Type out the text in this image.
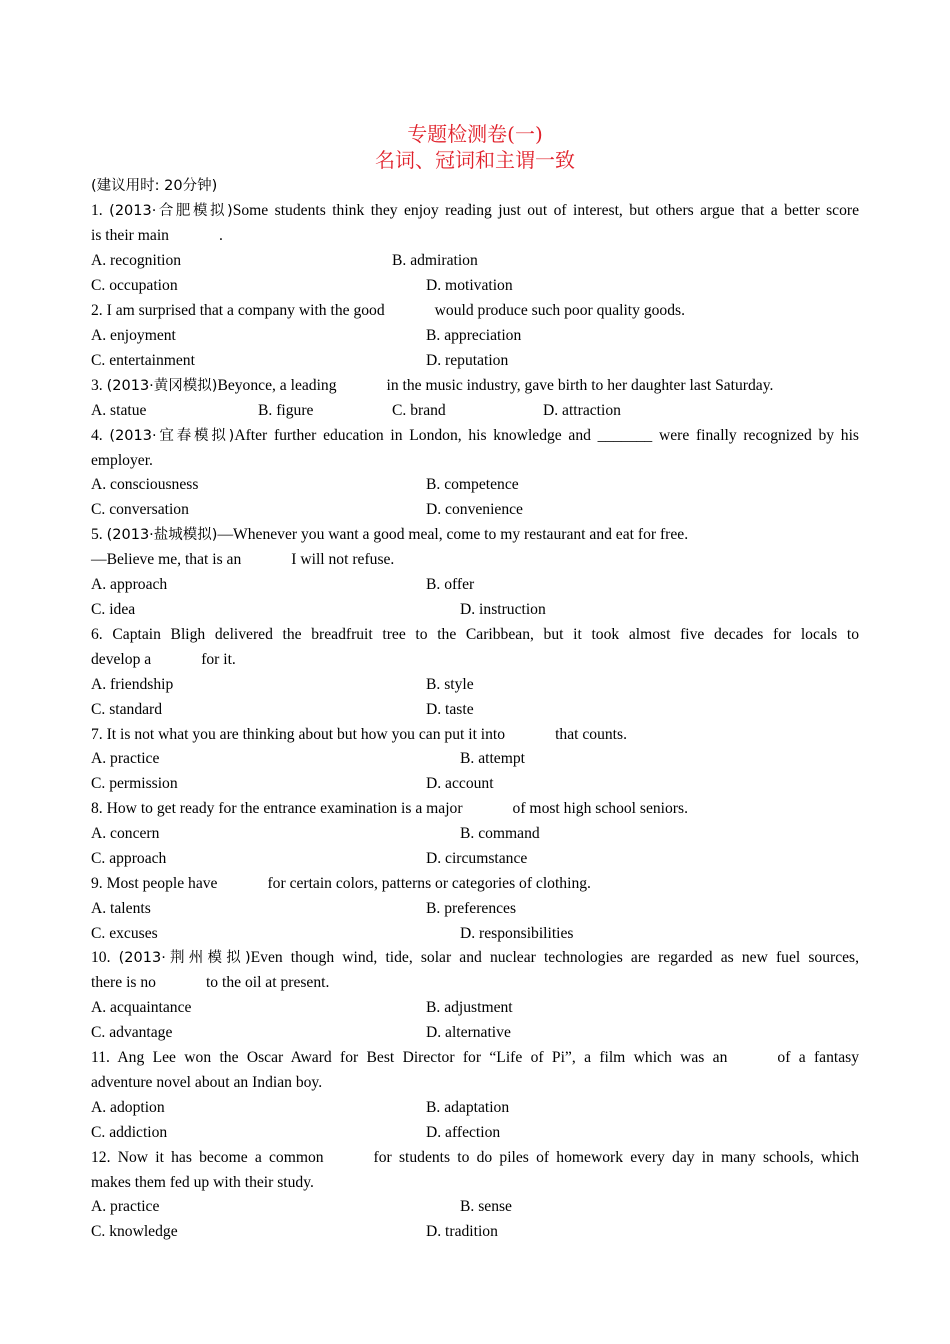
专题检测卷(一)
名词、冠词和主谓一致
(建议用时: 20分钟)
1. (2013·合肥模拟)Some students think they enjoy reading just out of interest, but others argue that a better score
is their main	.
A. recognition	B. admiration
C. occupation	D. motivation
2. I am surprised that a company with the good	would produce such poor quality goods.
A. enjoyment	B. appreciation
C. entertainment	D. reputation
3. (2013·黄冈模拟)Beyonce, a leading	in the music industry, gave birth to her daughter last Saturday.
A. statue	B. figure	C. brand	D. attraction
4. (2013·宜春模拟)After further education in London, his knowledge and _______ were finally recognized by his
employer.
A. consciousness	B. competence
C. conversation	D. convenience
5. (2013·盐城模拟)—Whenever you want a good meal, come to my restaurant and eat for free.
—Believe me, that is an	I will not refuse.
A. approach	B. offer
C. idea	D. instruction
6. Captain Bligh delivered the breadfruit tree to the Caribbean, but it took almost five decades for locals to
develop a	for it.
A. friendship	B. style
C. standard	D. taste
7. It is not what you are thinking about but how you can put it into	that counts.
A. practice	B. attempt
C. permission	D. account
8. How to get ready for the entrance examination is a major	of most high school seniors.
A. concern	B. command
C. approach	D. circumstance
9. Most people have	for certain colors, patterns or categories of clothing.
A. talents	B. preferences
C. excuses	D. responsibilities
10. (2013·荆州模拟)Even though wind, tide, solar and nuclear technologies are regarded as new fuel sources,
there is no	to the oil at present.
A. acquaintance	B. adjustment
C. advantage	D. alternative
11. Ang Lee won the Oscar Award for Best Director for “Life of Pi”, a film which was an	of a fantasy
adventure novel about an Indian boy.
A. adoption	B. adaptation
C. addiction	D. affection
12. Now it has become a common	for students to do piles of homework every day in many schools, which
makes them fed up with their study.
A. practice	B. sense
C. knowledge	D. tradition
